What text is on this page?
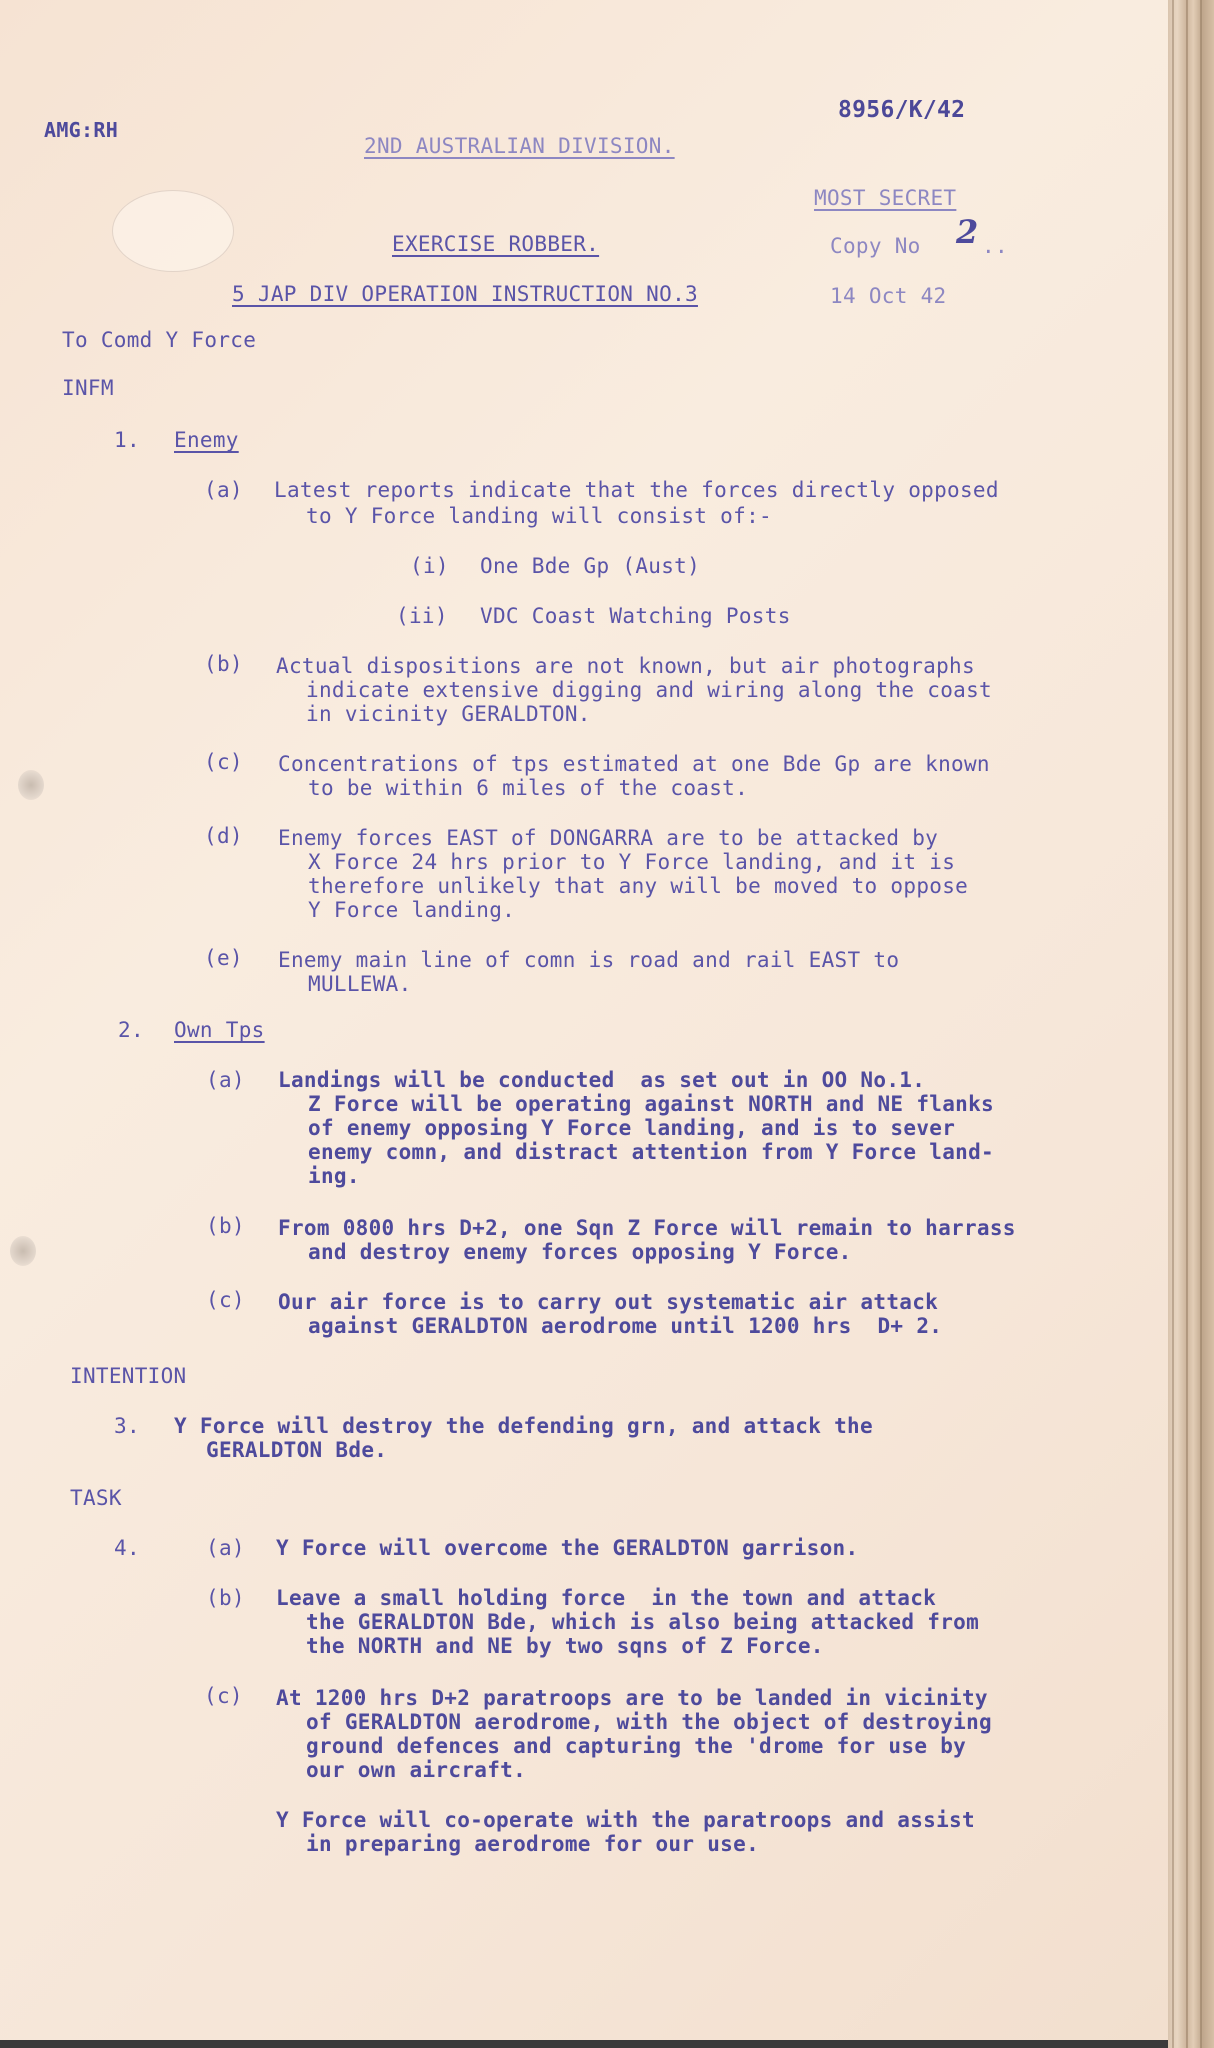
AMG:RH
8956/K/42
2ND AUSTRALIAN DIVISION.
MOST SECRET
EXERCISE ROBBER.	Copy No 2 ..
5 JAP DIV OPERATION INSTRUCTION NO.3	14 Oct 42
To Comd Y Force
INFM
1. Enemy
(a) Latest reports indicate that the forces directly opposed
to Y Force landing will consist of:-
(i) One Bde Gp (Aust)
(ii) VDC Coast Watching Posts
(b) Actual dispositions are not known, but air photographs
indicate extensive digging and wiring along the coast
in vicinity GERALDTON.
(c) Concentrations of tps estimated at one Bde Gp are known
to be within 6 miles of the coast.
(d) Enemy forces EAST of DONGARRA are to be attacked by
X Force 24 hrs prior to Y Force landing, and it is
therefore unlikely that any will be moved to oppose
Y Force landing.
(e) Enemy main line of comn is road and rail EAST to
MULLEWA.
2. Own Tps
(a) Landings will be conducted  as set out in OO No.1.
Z Force will be operating against NORTH and NE flanks
of enemy opposing Y Force landing, and is to sever
enemy comn, and distract attention from Y Force land-
ing.
(b) From 0800 hrs D+2, one Sqn Z Force will remain to harrass
and destroy enemy forces opposing Y Force.
(c) Our air force is to carry out systematic air attack
against GERALDTON aerodrome until 1200 hrs  D+ 2.
INTENTION
3. Y Force will destroy the defending grn, and attack the
GERALDTON Bde.
TASK
4.	(a) Y Force will overcome the GERALDTON garrison.
(b) Leave a small holding force  in the town and attack
the GERALDTON Bde, which is also being attacked from
the NORTH and NE by two sqns of Z Force.
(c) At 1200 hrs D+2 paratroops are to be landed in vicinity
of GERALDTON aerodrome, with the object of destroying
ground defences and capturing the 'drome for use by
our own aircraft.
Y Force will co-operate with the paratroops and assist
in preparing aerodrome for our use.
